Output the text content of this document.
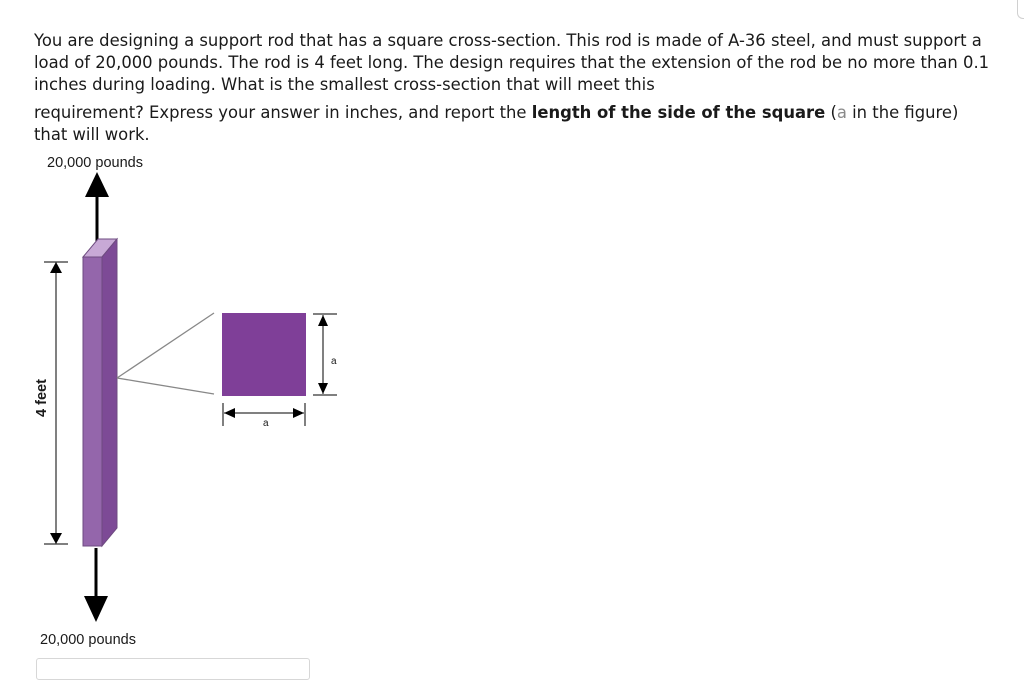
You are designing a support rod that has a square cross-section. This rod is made of A-36 steel, and must support a load of 20,000 pounds. The rod is 4 feet long. The design requires that the extension of the rod be no more than 0.1 inches during loading. What is the smallest cross-section that will meet this

requirement? Express your answer in inches, and report the length of the side of the square (a in the figure) that will work.

20,000 pounds
20,000 pounds
4 feet
a
a
